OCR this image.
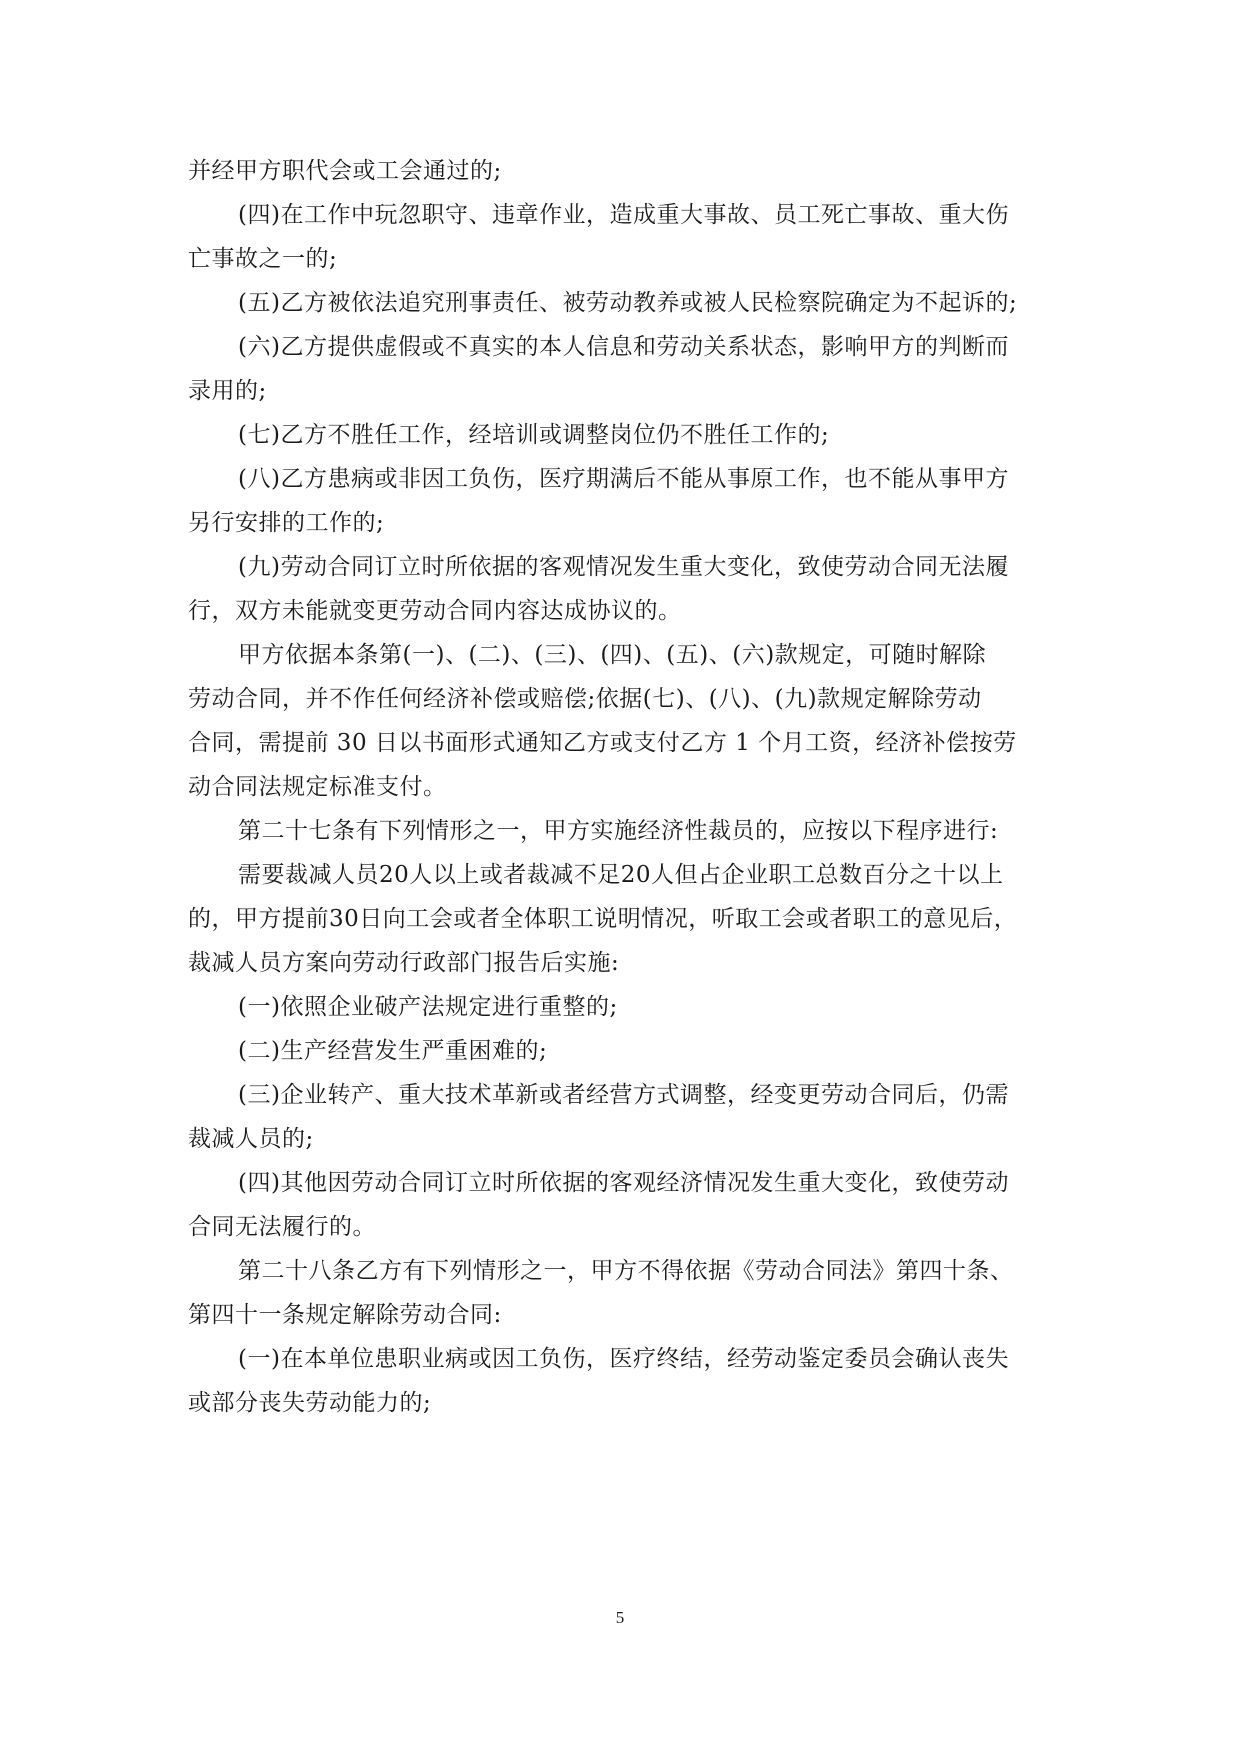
并经甲方职代会或工会通过的;
(四)在工作中玩忽职守、违章作业，造成重大事故、员工死亡事故、重大伤
亡事故之一的;
(五)乙方被依法追究刑事责任、被劳动教养或被人民检察院确定为不起诉的;
(六)乙方提供虚假或不真实的本人信息和劳动关系状态，影响甲方的判断而
录用的;
(七)乙方不胜任工作，经培训或调整岗位仍不胜任工作的;
(八)乙方患病或非因工负伤，医疗期满后不能从事原工作，也不能从事甲方
另行安排的工作的;
(九)劳动合同订立时所依据的客观情况发生重大变化，致使劳动合同无法履
行，双方未能就变更劳动合同内容达成协议的。
甲方依据本条第(一)、(二)、(三)、(四)、(五)、(六)款规定，可随时解除
劳动合同，并不作任何经济补偿或赔偿;依据(七)、(八)、(九)款规定解除劳动
合同，需提前 30 日以书面形式通知乙方或支付乙方 1 个月工资，经济补偿按劳
动合同法规定标准支付。
第二十七条有下列情形之一，甲方实施经济性裁员的，应按以下程序进行:
需要裁减人员20人以上或者裁减不足20人但占企业职工总数百分之十以上
的，甲方提前30日向工会或者全体职工说明情况，听取工会或者职工的意见后，
裁减人员方案向劳动行政部门报告后实施:
(一)依照企业破产法规定进行重整的;
(二)生产经营发生严重困难的;
(三)企业转产、重大技术革新或者经营方式调整，经变更劳动合同后，仍需
裁减人员的;
(四)其他因劳动合同订立时所依据的客观经济情况发生重大变化，致使劳动
合同无法履行的。
第二十八条乙方有下列情形之一，甲方不得依据《劳动合同法》第四十条、
第四十一条规定解除劳动合同:
(一)在本单位患职业病或因工负伤，医疗终结，经劳动鉴定委员会确认丧失
或部分丧失劳动能力的;
5
